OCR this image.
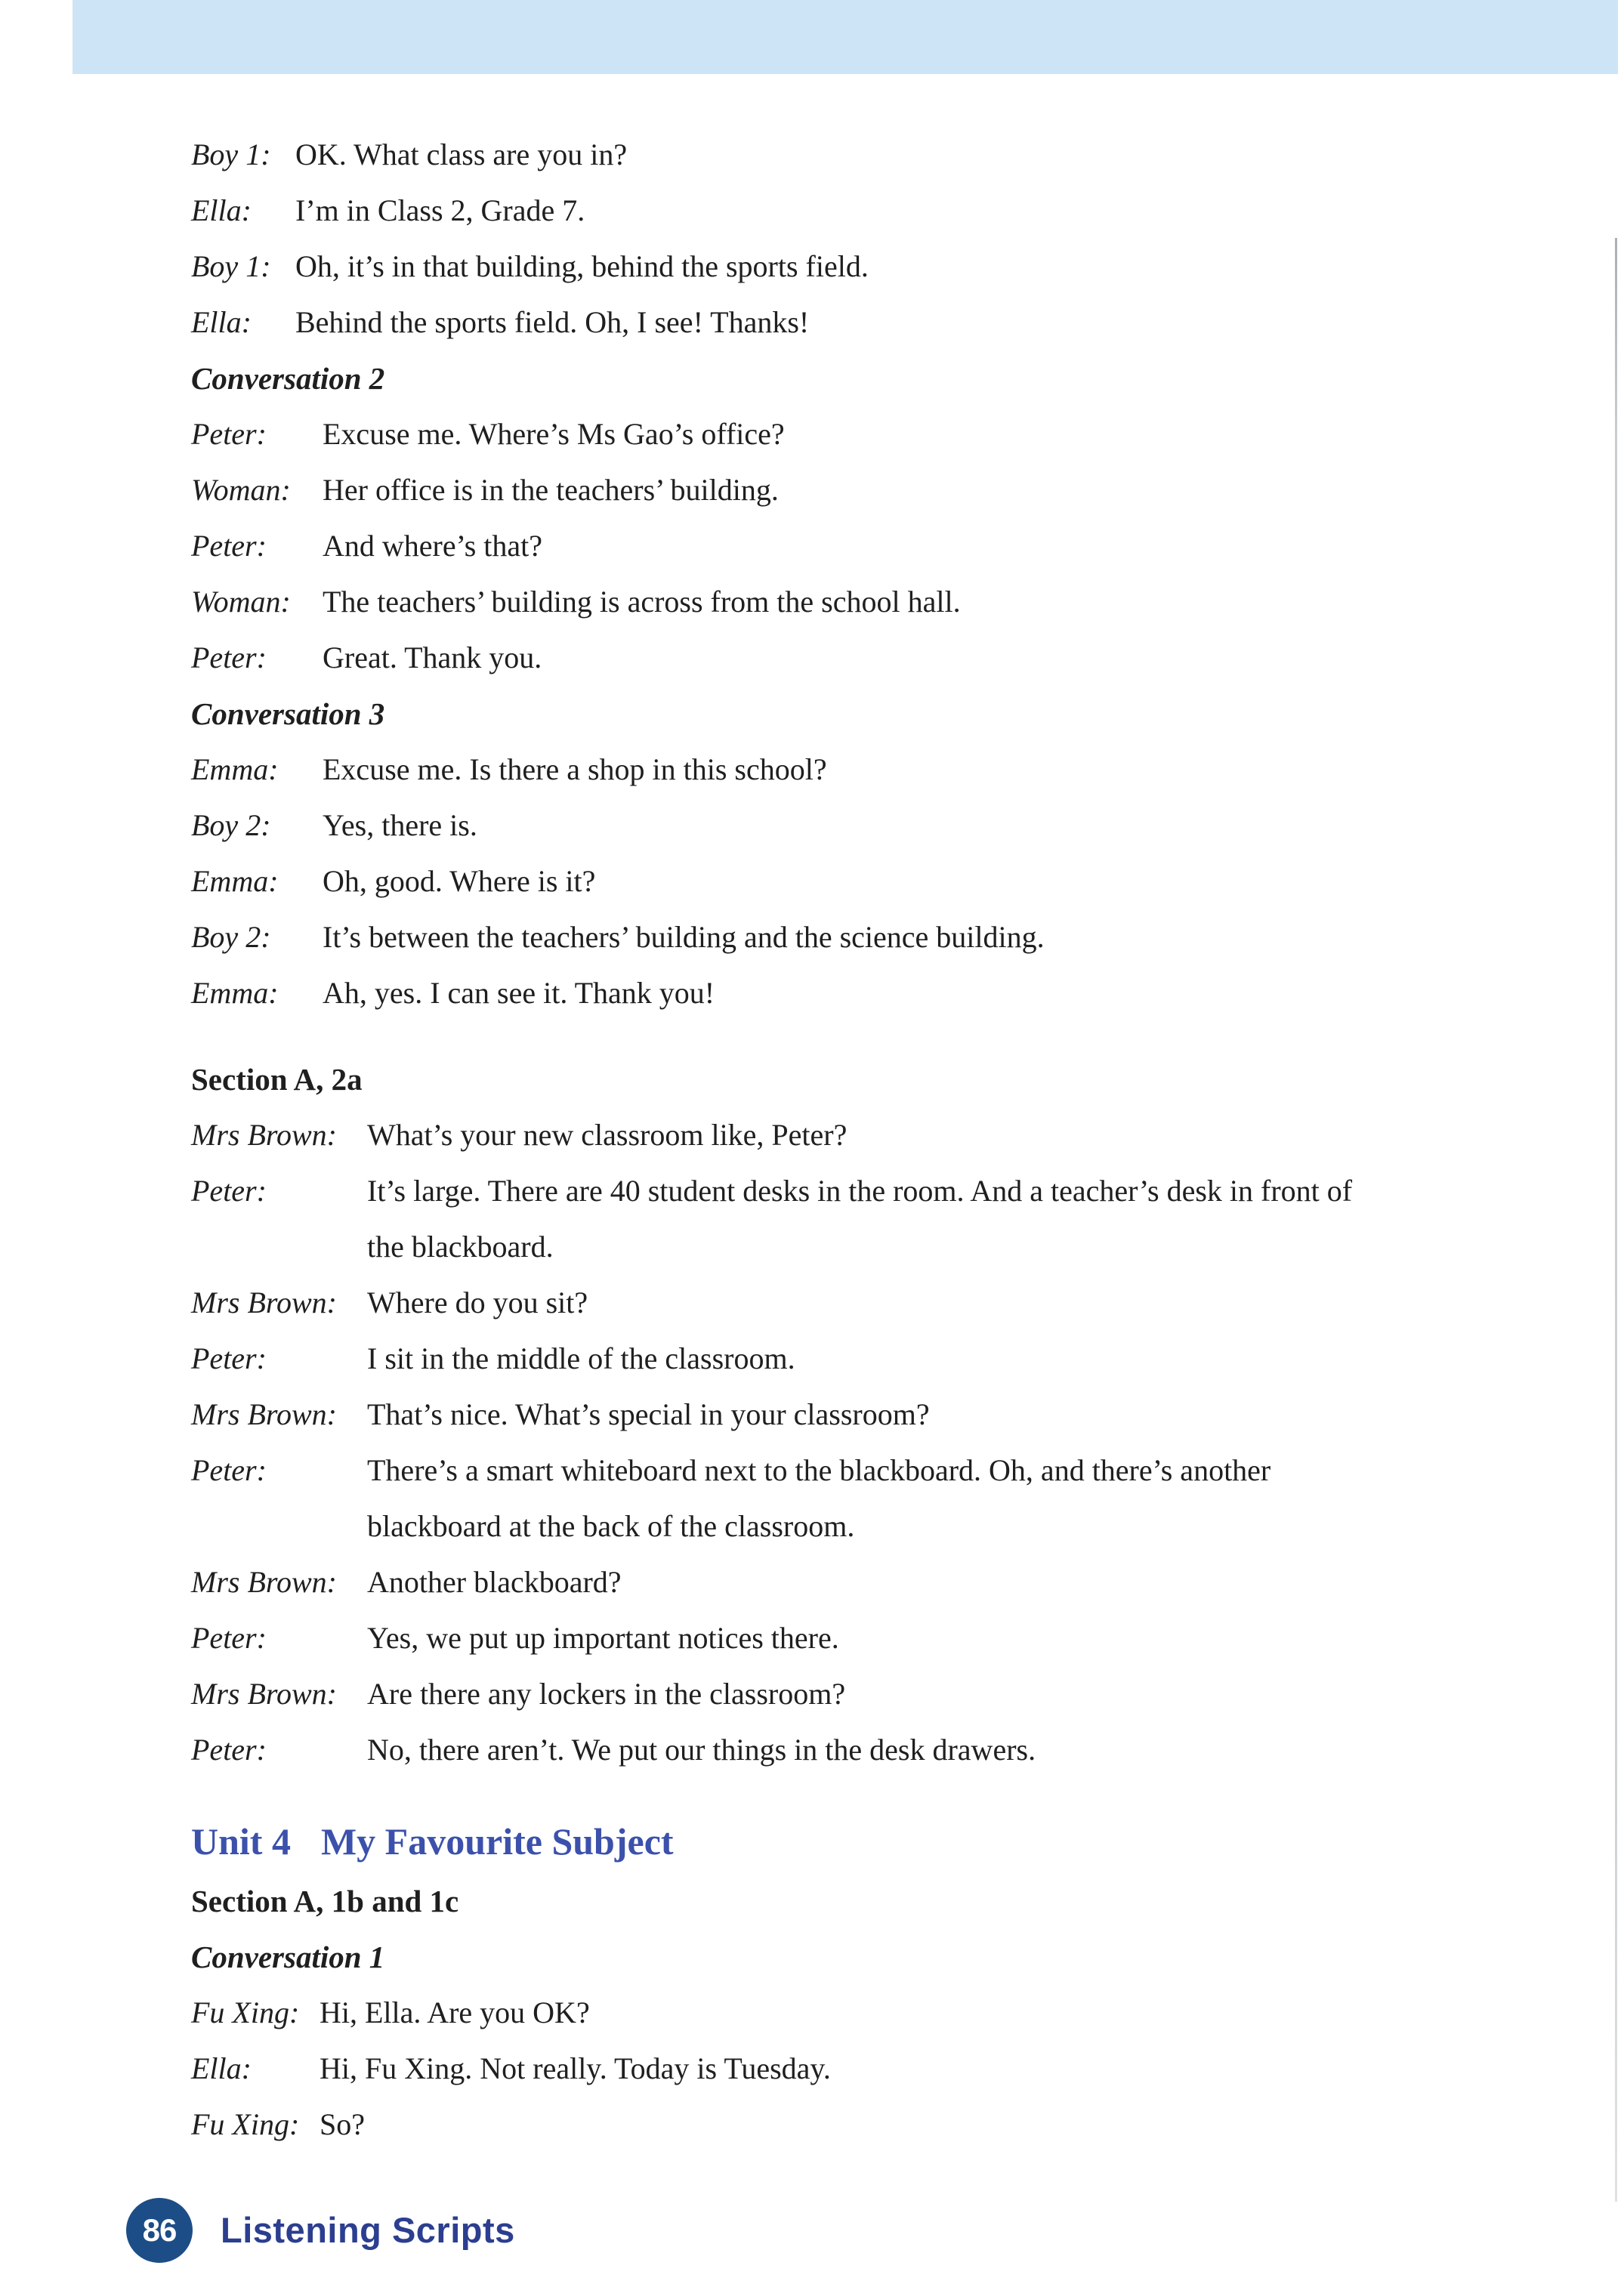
Boy 1: OK. What class are you in?
Ella: I’m in Class 2, Grade 7.
Boy 1: Oh, it’s in that building, behind the sports field.
Ella: Behind the sports field. Oh, I see! Thanks!
Conversation 2
Peter: Excuse me. Where’s Ms Gao’s office?
Woman: Her office is in the teachers’ building.
Peter: And where’s that?
Woman: The teachers’ building is across from the school hall.
Peter: Great. Thank you.
Conversation 3
Emma: Excuse me. Is there a shop in this school?
Boy 2: Yes, there is.
Emma: Oh, good. Where is it?
Boy 2: It’s between the teachers’ building and the science building.
Emma: Ah, yes. I can see it. Thank you!
Section A, 2a
Mrs Brown: What’s your new classroom like, Peter?
Peter:	It’s large. There are 40 student desks in the room. And a teacher’s desk in front of
the blackboard.
Mrs Brown: Where do you sit?
Peter:	I sit in the middle of the classroom.
Mrs Brown: That’s nice. What’s special in your classroom?
Peter:	There’s a smart whiteboard next to the blackboard. Oh, and there’s another
blackboard at the back of the classroom.
Mrs Brown: Another blackboard?
Peter:	Yes, we put up important notices there.
Mrs Brown: Are there any lockers in the classroom?
Peter:	No, there aren’t. We put our things in the desk drawers.
Unit 4 My Favourite Subject
Section A, 1b and 1c
Conversation 1
Fu Xing: Hi, Ella. Are you OK?
Ella: Hi, Fu Xing. Not really. Today is Tuesday.
Fu Xing: So?
86	Listening Scripts
